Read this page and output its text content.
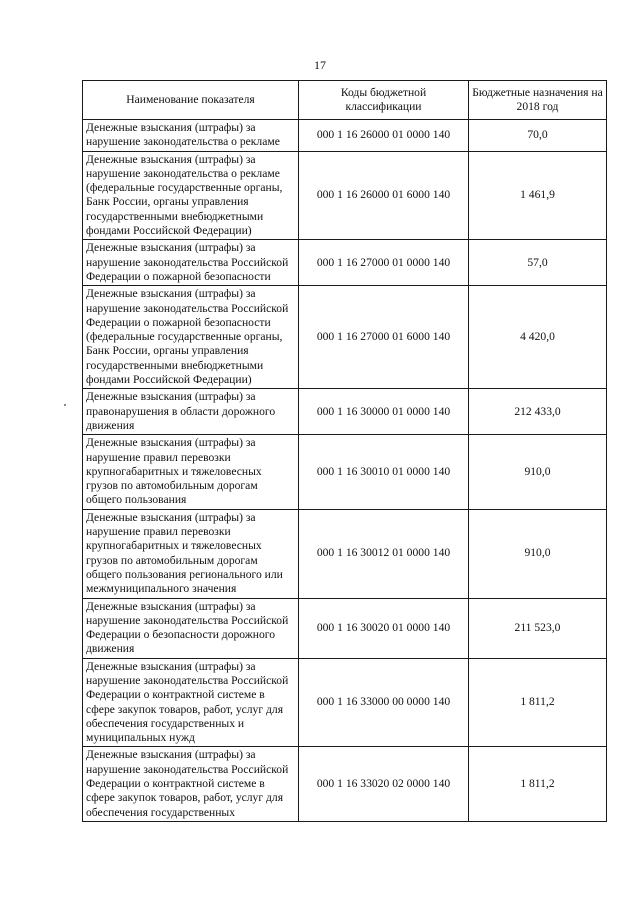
17
Наименование показателя	Коды бюджетной классификации	Бюджетные назначения на 2018 год
Денежные взыскания (штрафы) за нарушение законодательства о рекламе	000 1 16 26000 01 0000 140	70,0
Денежные взыскания (штрафы) за нарушение законодательства о рекламе (федеральные государственные органы, Банк России, органы управления государственными внебюджетными фондами Российской Федерации)	000 1 16 26000 01 6000 140	1 461,9
Денежные взыскания (штрафы) за нарушение законодательства Российской Федерации о пожарной безопасности	000 1 16 27000 01 0000 140	57,0
Денежные взыскания (штрафы) за нарушение законодательства Российской Федерации о пожарной безопасности (федеральные государственные органы, Банк России, органы управления государственными внебюджетными фондами Российской Федерации)	000 1 16 27000 01 6000 140	4 420,0
Денежные взыскания (штрафы) за правонарушения в области дорожного движения	000 1 16 30000 01 0000 140	212 433,0
Денежные взыскания (штрафы) за нарушение правил перевозки крупногабаритных и тяжеловесных грузов по автомобильным дорогам общего пользования	000 1 16 30010 01 0000 140	910,0
Денежные взыскания (штрафы) за нарушение правил перевозки крупногабаритных и тяжеловесных грузов по автомобильным дорогам общего пользования регионального или межмуниципального значения	000 1 16 30012 01 0000 140	910,0
Денежные взыскания (штрафы) за нарушение законодательства Российской Федерации о безопасности дорожного движения	000 1 16 30020 01 0000 140	211 523,0
Денежные взыскания (штрафы) за нарушение законодательства Российской Федерации о контрактной системе в сфере закупок товаров, работ, услуг для обеспечения государственных и муниципальных нужд	000 1 16 33000 00 0000 140	1 811,2
Денежные взыскания (штрафы) за нарушение законодательства Российской Федерации о контрактной системе в сфере закупок товаров, работ, услуг для обеспечения государственных	000 1 16 33020 02 0000 140	1 811,2
